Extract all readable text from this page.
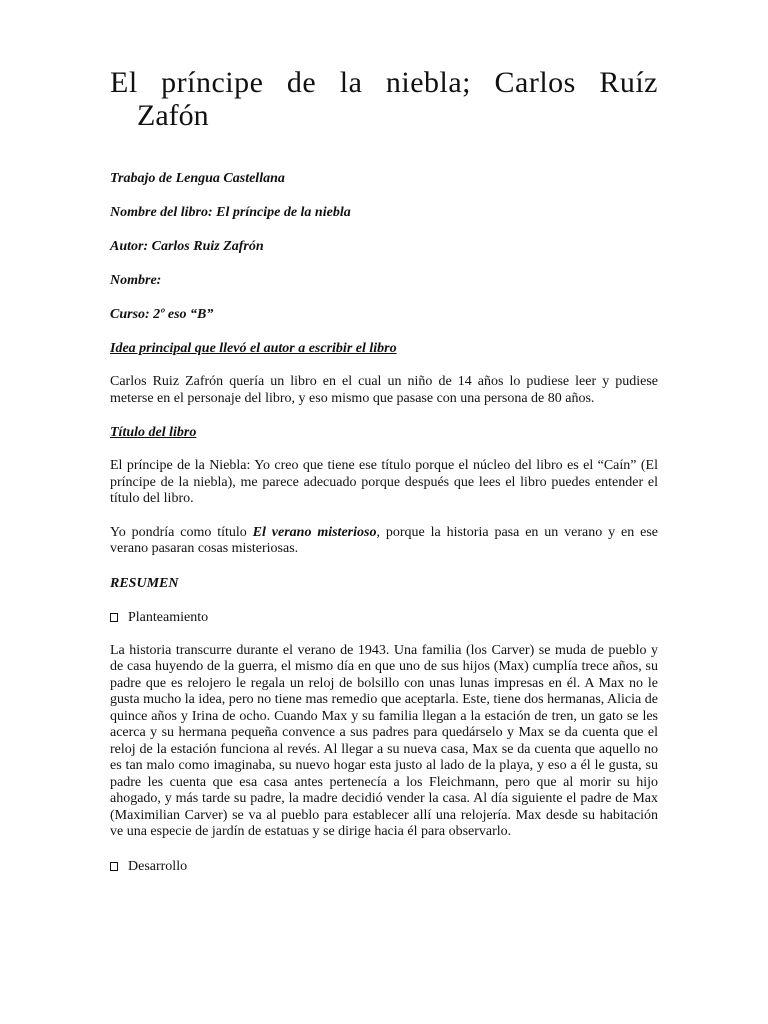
El príncipe de la niebla; Carlos Ruíz
Zafón

Trabajo de Lengua Castellana

Nombre del libro: El príncipe de la niebla

Autor: Carlos Ruiz Zafrón

Nombre:

Curso: 2º eso “B”

Idea principal que llevó el autor a escribir el libro

Carlos Ruiz Zafrón quería un libro en el cual un niño de 14 años lo pudiese leer y pudiese meterse en el personaje del libro, y eso mismo que pasase con una persona de 80 años.

Título del libro

El príncipe de la Niebla: Yo creo que tiene ese título porque el núcleo del libro es el “Caín” (El príncipe de la niebla), me parece adecuado porque después que lees el libro puedes entender el título del libro.

Yo pondría como título El verano misterioso, porque la historia pasa en un verano y en ese verano pasaran cosas misteriosas.

RESUMEN

Planteamiento

La historia transcurre durante el verano de 1943. Una familia (los Carver) se muda de pueblo y de casa huyendo de la guerra, el mismo día en que uno de sus hijos (Max) cumplía trece años, su padre que es relojero le regala un reloj de bolsillo con unas lunas impresas en él. A Max no le gusta mucho la idea, pero no tiene mas remedio que aceptarla. Este, tiene dos hermanas, Alicia de quince años y Irina de ocho. Cuando Max y su familia llegan a la estación de tren, un gato se les acerca y su hermana pequeña convence a sus padres para quedárselo y Max se da cuenta que el reloj de la estación funciona al revés. Al llegar a su nueva casa, Max se da cuenta que aquello no es tan malo como imaginaba, su nuevo hogar esta justo al lado de la playa, y eso a él le gusta, su padre les cuenta que esa casa antes pertenecía a los Fleichmann, pero que al morir su hijo ahogado, y más tarde su padre, la madre decidió vender la casa. Al día siguiente el padre de Max (Maximilian Carver) se va al pueblo para establecer allí una relojería. Max desde su habitación ve una especie de jardín de estatuas y se dirige hacia él para observarlo.

Desarrollo
